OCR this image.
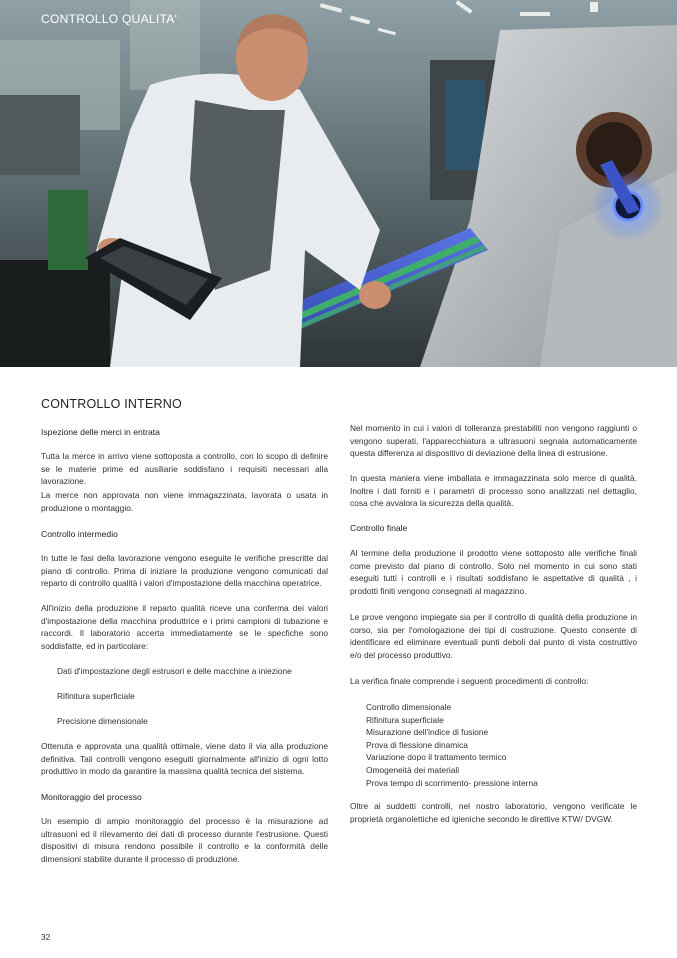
CONTROLLO QUALITA'
CONTROLLO INTERNO
Ispezione delle merci in entrata
Tutta la merce in arrivo viene sottoposta a controllo, con lo scopo di definire se le materie prime ed ausiliarie soddisfano i requisiti necessari alla lavorazione.
La merce non approvata non viene immagazzinata, lavorata o usata in produzione o montaggio.
Controllo intermedio
In tutte le fasi della lavorazione vengono eseguite le verifiche prescritte dal piano di controllo. Prima di iniziare la produzione vengono comunicati dal reparto di controllo qualità i valori d'impostazione della macchina operatrice.
All'inizio della produzione il reparto qualità riceve una conferma dei valori d'impostazione della macchina produttrice e i primi campioni di tubazione e raccordi. Il laboratorio accerta immediatamente se le specfiche sono soddisfatte, ed in particolare:
Dati d'impostazione degli estrusori e delle macchine a iniezione
Rifinitura superficiale
Precisione dimensionale
Ottenuta e approvata una qualità ottimale, viene dato il via alla produzione definitiva. Tali controlli vengono eseguiti giornalmente all'inizio di ogni lotto produttivo in modo da garantire la massima qualità tecnica del sistema.
Monitoraggio del processo
Un esempio di ampio monitoraggio del processo è la misurazione ad ultrasuoni ed il rilevamento dei dati di processo durante l'estrusione. Questi dispositivi di misura rendono possibile il controllo e la conformità delle dimensioni stabilite durante il processo di produzione.
Nel momento in cui i valori di tolleranza prestabiliti non vengono raggiunti o vengono superati, l'apparecchiatura a ultrasuoni segnala automaticamente questa differenza al dispositivo di deviazione della linea di estrusione.
In questa maniera viene imballata e immagazzinata solo merce di qualità. Inoltre i dati forniti e i parametri di processo sono analizzati nel dettaglio, cosa che avvalora la sicurezza della qualità.
Controllo finale
Al termine della produzione il prodotto viene sottoposto alle verifiche finali come previsto dal piano di controllo. Solo nel momento in cui sono stati eseguiti tutti i controlli e i risultati soddisfano le aspettative di qualità , i prodotti finiti vengono consegnati al magazzino.
Le prove vengono impiegate sia per il controllo di qualità della produzione in corso, sia per l'omologazione dei tipi di costruzione. Questo consente di identificare ed eliminare eventuali punti deboli dal punto di vista costruttivo e/o del processo produttivo.
La verifica finale comprende i seguenti procedimenti di controllo:
Controllo dimensionale
Rifinitura superficiale
Misurazione dell'indice di fusione
Prova di flessione dinamica
Variazione dopo il trattamento termico
Omogeneità dei materiali
Prova tempo di scorrimento- pressione interna
Oltre ai suddetti controlli, nel nostro laboratorio, vengono verificate le proprietà organolettiche ed igieniche secondo le direttive KTW/ DVGW.
32
